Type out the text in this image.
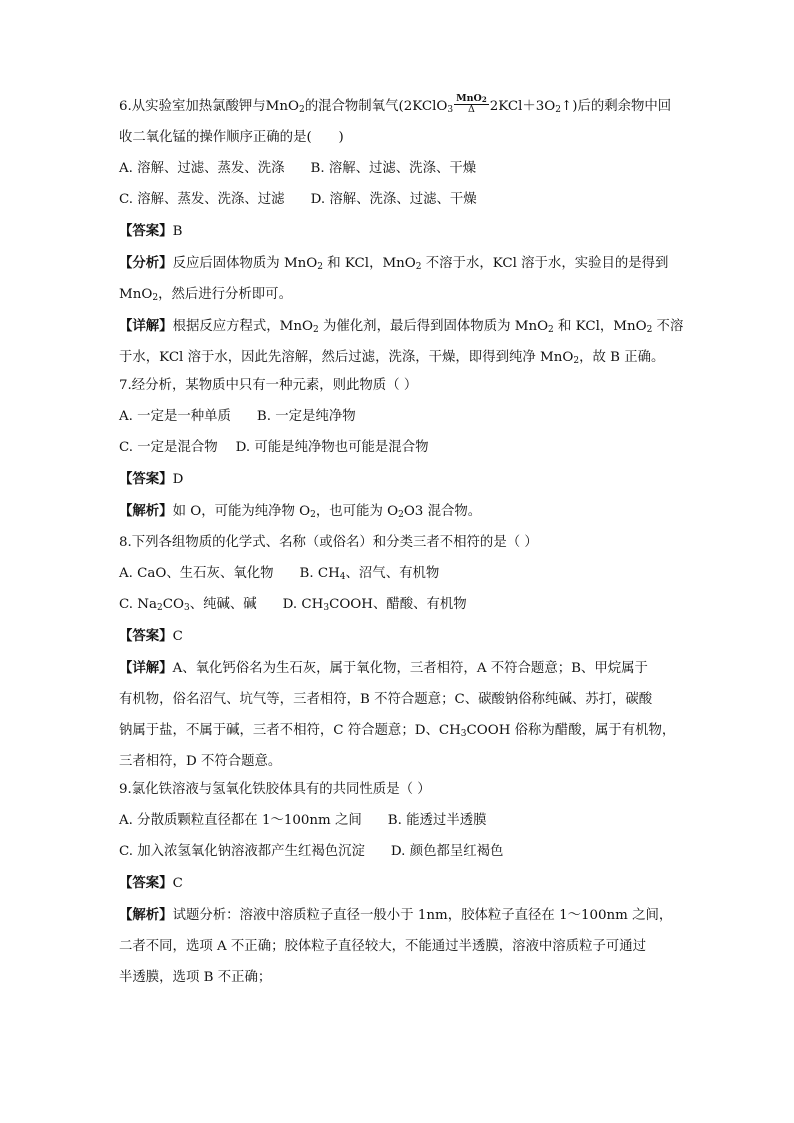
6.从实验室加热氯酸钾与MnO$_2$的混合物制氧气(2KClO$_3$ $\frac{MnO_2}{\Delta}$ $2KCl+3O_2↑$)后的剩余物中回
收二氧化锰的操作顺序正确的是(　　)
A. 溶解、过滤、蒸发、洗涤 B. 溶解、过滤、洗涤、干燥
C. 溶解、蒸发、洗涤、过滤 D. 溶解、洗涤、过滤、干燥
【答案】B
【分析】反应后固体物质为 MnO$_2$ 和 KCl，MnO$_2$ 不溶于水，KCl 溶于水，实验目的是得到
MnO$_2$，然后进行分析即可。
【详解】根据反应方程式，MnO$_2$ 为催化剂，最后得到固体物质为 MnO$_2$ 和 KCl，MnO$_2$ 不溶
于水，KCl 溶于水，因此先溶解，然后过滤，洗涤，干燥，即得到纯净 MnO$_2$，故 B 正确。
7.经分析，某物质中只有一种元素，则此物质（ ）
A. 一定是一种单质 B. 一定是纯净物
C. 一定是混合物 D. 可能是纯净物也可能是混合物
【答案】D
【解析】如 O，可能为纯净物 $O_2$，也可能为 $O_2O3$ 混合物。
8.下列各组物质的化学式、名称（或俗名）和分类三者不相符的是（ ）
A. CaO、生石灰、氧化物 B. $CH_4$、沼气、有机物
C. $Na_2CO_3$、纯碱、碱 D. $CH_3COOH$、醋酸、有机物
【答案】C
【详解】A、氧化钙俗名为生石灰，属于氧化物，三者相符，A 不符合题意；B、甲烷属于
有机物，俗名沼气、坑气等，三者相符，B 不符合题意；C、碳酸钠俗称纯碱、苏打，碳酸
钠属于盐，不属于碱，三者不相符，C 符合题意；D、$CH_3COOH$ 俗称为醋酸，属于有机物，
三者相符，D 不符合题意。
9.氯化铁溶液与氢氧化铁胶体具有的共同性质是（ ）
A. 分散质颗粒直径都在 1～100nm 之间 B. 能透过半透膜
C. 加入浓氢氧化钠溶液都产生红褐色沉淀 D. 颜色都呈红褐色
【答案】C
【解析】试题分析：溶液中溶质粒子直径一般小于 1nm，胶体粒子直径在 1～100nm 之间，
二者不同，选项 A 不正确；胶体粒子直径较大，不能通过半透膜，溶液中溶质粒子可通过
半透膜，选项 B 不正确；
